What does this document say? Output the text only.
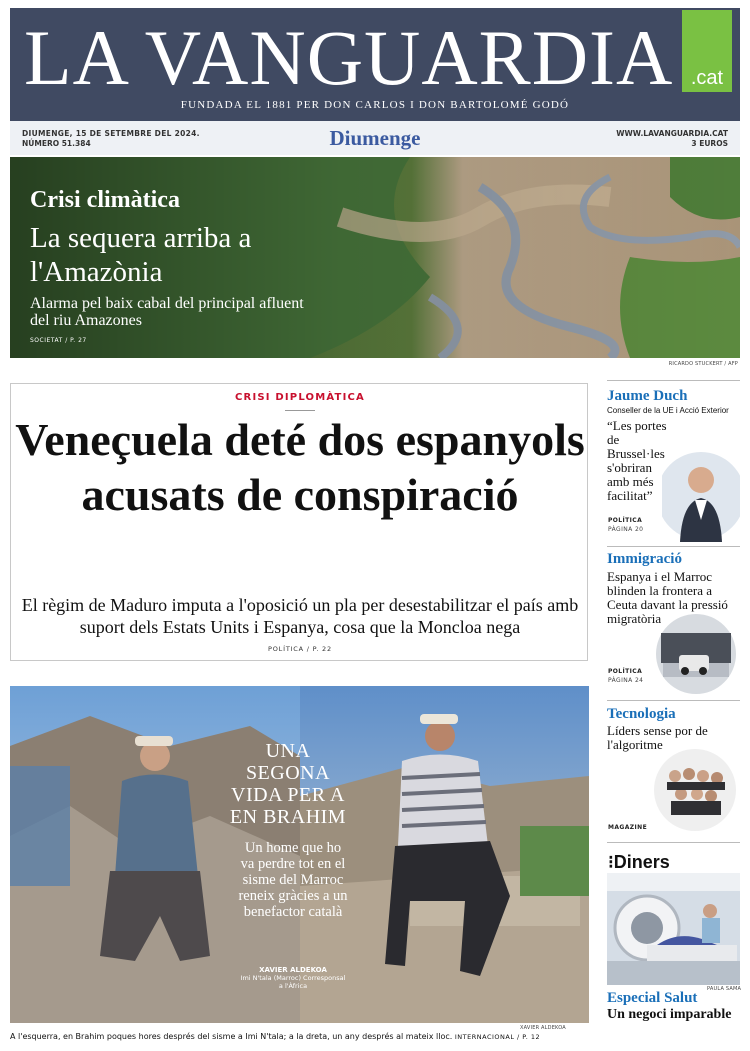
LA VANGUARDIA .cat
FUNDADA EL 1881 PER DON CARLOS I DON BARTOLOMÉ GODÓ
DIUMENGE, 15 DE SETEMBRE DEL 2024.
NÚMERO 51.384	Diumenge	WWW.LAVANGUARDIA.CAT
3 EUROS
Crisi climàtica
La sequera arriba a l'Amazònia
Alarma pel baix cabal del principal afluent del riu Amazones
SOCIETAT / P. 27
RICARDO STUCKERT / AFP
CRISI DIPLOMÀTICA
Veneçuela deté dos espanyols acusats de conspiració
El règim de Maduro imputa a l'oposició un pla per desestabilitzar el país amb suport dels Estats Units i Espanya, cosa que la Moncloa nega
POLÍTICA / P. 22
UNA SEGONA VIDA PER A EN BRAHIM
Un home que ho va perdre tot en el sisme del Marroc reneix gràcies a un benefactor català
XAVIER ALDEKOA
Imi N'tala (Marroc) Corresponsal a l'Àfrica
XAVIER ALDEKOA
A l'esquerra, en Brahim poques hores després del sisme a Imi N'tala; a la dreta, un any després al mateix lloc. INTERNACIONAL / P. 12
Jaume Duch
Conseller de la UE i Acció Exterior
“Les portes de Brussel·les s'obriran amb més facilitat”
POLÍTICA
PÀGINA 20
Immigració
Espanya i el Marroc blinden la frontera a Ceuta davant la pressió migratòria
POLÍTICA
PÀGINA 24
Tecnologia
Líders sense por de l'algoritme
MAGAZINE
⁝Diners
PAULA SAMA
Especial Salut
Un negoci imparable
